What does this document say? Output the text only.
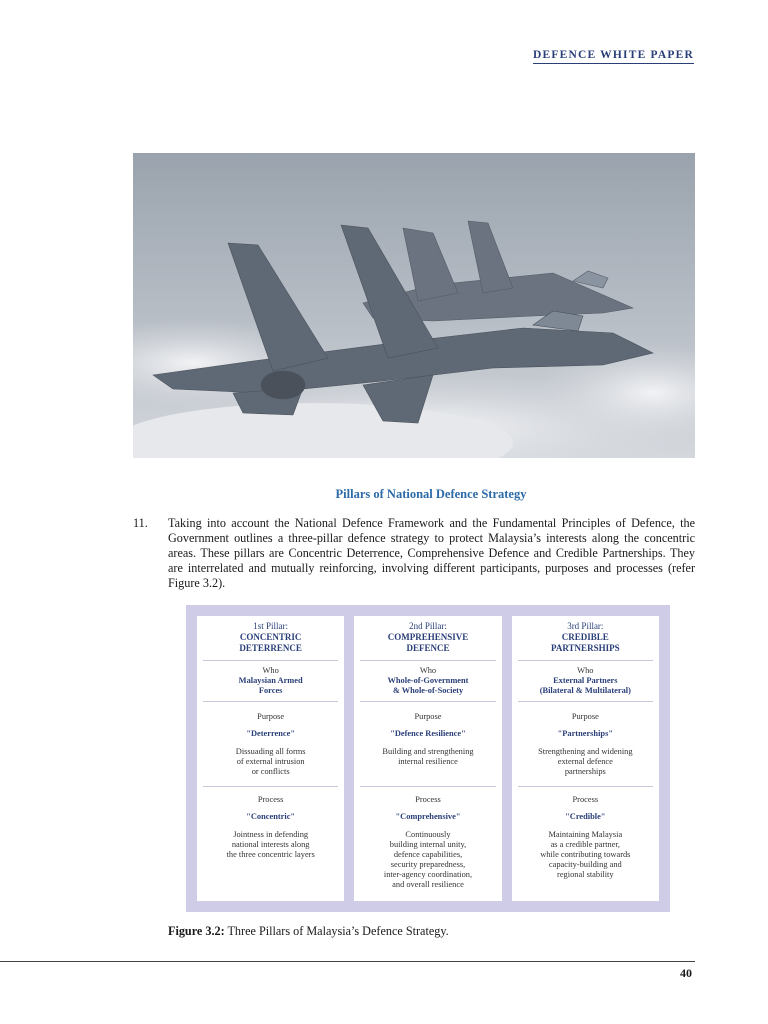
DEFENCE WHITE PAPER
Pillars of National Defence Strategy
11. Taking into account the National Defence Framework and the Fundamental Principles of Defence, the Government outlines a three-pillar defence strategy to protect Malaysia’s interests along the concentric areas. These pillars are Concentric Deterrence, Comprehensive Defence and Credible Partnerships. They are interrelated and mutually reinforcing, involving different participants, purposes and processes (refer Figure 3.2).

1st Pillar:
CONCENTRIC
DETERRENCE
Who
Malaysian Armed
Forces
Purpose
"Deterrence"
Dissuading all forms
of external intrusion
or conflicts
Process
"Concentric"
Jointness in defending
national interests along
the three concentric layers
2nd Pillar:
COMPREHENSIVE
DEFENCE
Who
Whole-of-Government
& Whole-of-Society
Purpose
"Defence Resilience"
Building and strengthening
internal resilience
Process
"Comprehensive"
Continuously
building internal unity,
defence capabilities,
security preparedness,
inter-agency coordination,
and overall resilience
3rd Pillar:
CREDIBLE
PARTNERSHIPS
Who
External Partners
(Bilateral & Multilateral)
Purpose
"Partnerships"
Strengthening and widening
external defence
partnerships
Process
"Credible"
Maintaining Malaysia
as a credible partner,
while contributing towards
capacity-building and
regional stability
Figure 3.2: Three Pillars of Malaysia’s Defence Strategy.
40
